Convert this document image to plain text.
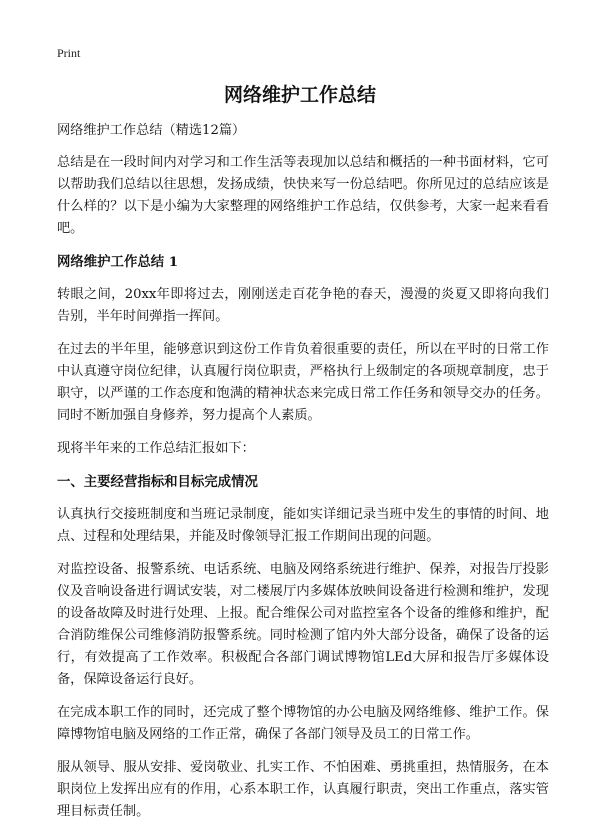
Print
网络维护工作总结

网络维护工作总结（精选12篇）

总结是在一段时间内对学习和工作生活等表现加以总结和概括的一种书面材料，它可以帮助我们总结以往思想，发扬成绩，快快来写一份总结吧。你所见过的总结应该是什么样的？以下是小编为大家整理的网络维护工作总结，仅供参考，大家一起来看看吧。

网络维护工作总结 1

转眼之间，20xx年即将过去，刚刚送走百花争艳的春天，漫漫的炎夏又即将向我们告别，半年时间弹指一挥间。

在过去的半年里，能够意识到这份工作肯负着很重要的责任，所以在平时的日常工作中认真遵守岗位纪律，认真履行岗位职责，严格执行上级制定的各项规章制度，忠于职守，以严谨的工作态度和饱满的精神状态来完成日常工作任务和领导交办的任务。同时不断加强自身修养，努力提高个人素质。

现将半年来的工作总结汇报如下：

一、主要经营指标和目标完成情况

认真执行交接班制度和当班记录制度，能如实详细记录当班中发生的事情的时间、地点、过程和处理结果，并能及时像领导汇报工作期间出现的问题。

对监控设备、报警系统、电话系统、电脑及网络系统进行维护、保养，对报告厅投影仪及音响设备进行调试安装，对二楼展厅内多媒体放映间设备进行检测和维护，发现的设备故障及时进行处理、上报。配合维保公司对监控室各个设备的维修和维护，配合消防维保公司维修消防报警系统。同时检测了馆内外大部分设备，确保了设备的运行，有效提高了工作效率。积极配合各部门调试博物馆LEd大屏和报告厅多媒体设备，保障设备运行良好。

在完成本职工作的同时，还完成了整个博物馆的办公电脑及网络维修、维护工作。保障博物馆电脑及网络的工作正常，确保了各部门领导及员工的日常工作。

服从领导、服从安排、爱岗敬业、扎实工作、不怕困难、勇挑重担，热情服务，在本职岗位上发挥出应有的作用，心系本职工作，认真履行职责，突出工作重点，落实管理目标责任制。
